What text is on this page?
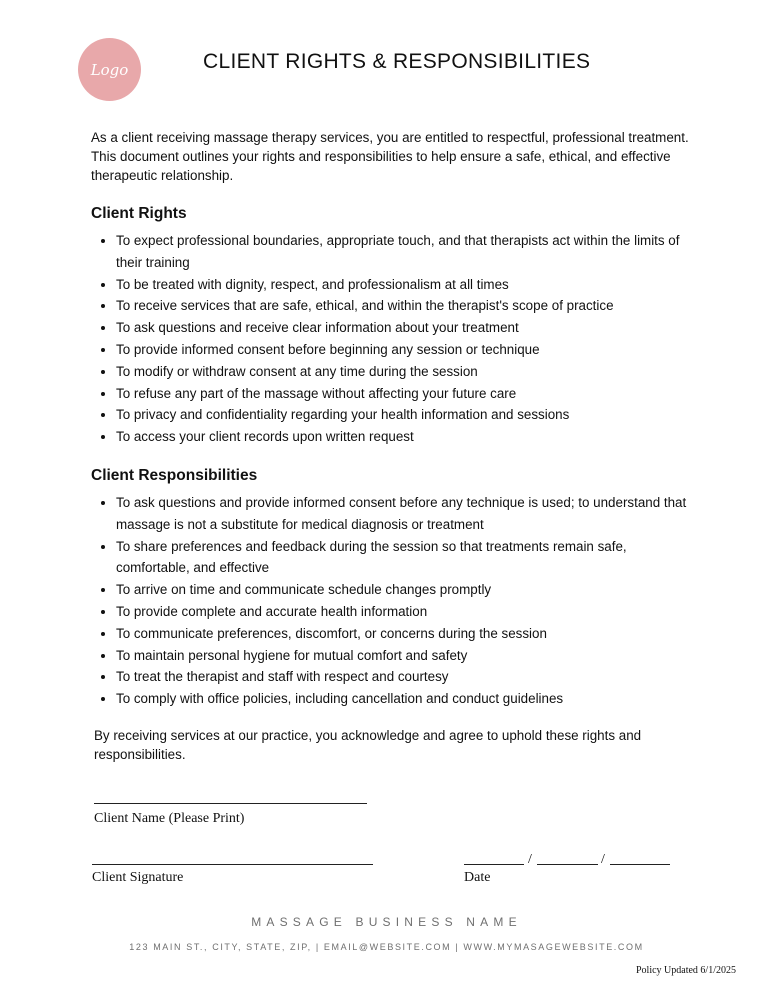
Logo	CLIENT RIGHTS & RESPONSIBILITIES

As a client receiving massage therapy services, you are entitled to respectful, professional treatment. This document outlines your rights and responsibilities to help ensure a safe, ethical, and effective therapeutic relationship.

Client Rights
• To expect professional boundaries, appropriate touch, and that therapists act within the limits of their training
• To be treated with dignity, respect, and professionalism at all times
• To receive services that are safe, ethical, and within the therapist's scope of practice
• To ask questions and receive clear information about your treatment
• To provide informed consent before beginning any session or technique
• To modify or withdraw consent at any time during the session
• To refuse any part of the massage without affecting your future care
• To privacy and confidentiality regarding your health information and sessions
• To access your client records upon written request
Client Responsibilities
• To ask questions and provide informed consent before any technique is used; to understand that massage is not a substitute for medical diagnosis or treatment
• To share preferences and feedback during the session so that treatments remain safe, comfortable, and effective
• To arrive on time and communicate schedule changes promptly
• To provide complete and accurate health information
• To communicate preferences, discomfort, or concerns during the session
• To maintain personal hygiene for mutual comfort and safety
• To treat the therapist and staff with respect and courtesy
• To comply with office policies, including cancellation and conduct guidelines

By receiving services at our practice, you acknowledge and agree to uphold these rights and responsibilities.

Client Name (Please Print)
Client Signature
/	/
Date
MASSAGE BUSINESS NAME
123 MAIN ST., CITY, STATE, ZIP, | EMAIL@WEBSITE.COM | WWW.MYMASAGEWEBSITE.COM
Policy Updated 6/1/2025
